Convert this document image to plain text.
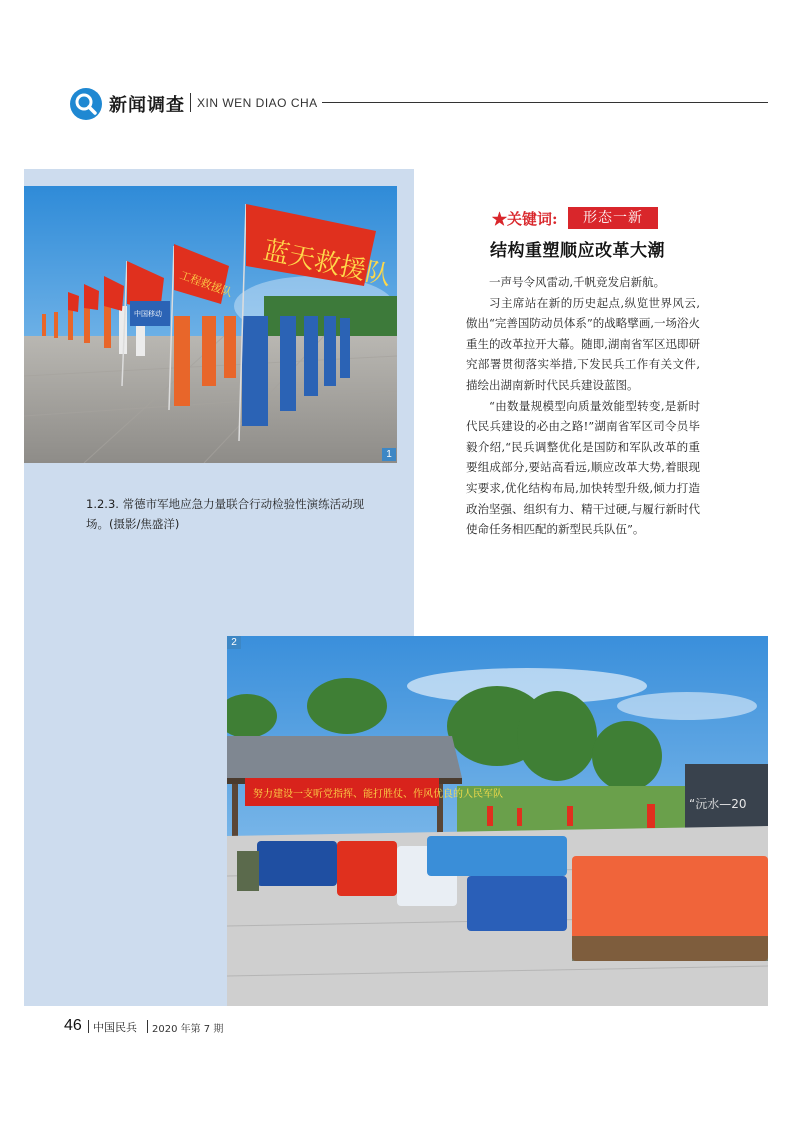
新闻调查 XIN WEN DIAO CHA
蓝天救援队
工程救援队
中国移动
1
1.2.3. 常德市军地应急力量联合行动检验性演练活动现场。(摄影/焦盛洋)
★关键词:	形态一新
结构重塑顺应改革大潮

一声号令风雷动,千帆竞发启新航。

习主席站在新的历史起点,纵览世界风云,傲出“完善国防动员体系”的战略擘画,一场浴火重生的改革拉开大幕。随即,湖南省军区迅即研究部署贯彻落实举措,下发民兵工作有关文件,描绘出湖南新时代民兵建设蓝图。

“由数量规模型向质量效能型转变,是新时代民兵建设的必由之路!”湖南省军区司令员毕毅介绍,“民兵调整优化是国防和军队改革的重要组成部分,要站高看远,顺应改革大势,着眼现实要求,优化结构布局,加快转型升级,倾力打造政治坚强、组织有力、精干过硬,与履行新时代使命任务相匹配的新型民兵队伍”。

努力建设一支听党指挥、能打胜仗、作风优良的人民军队
“沅水—20
2
46 中国民兵 2020 年第 7 期
